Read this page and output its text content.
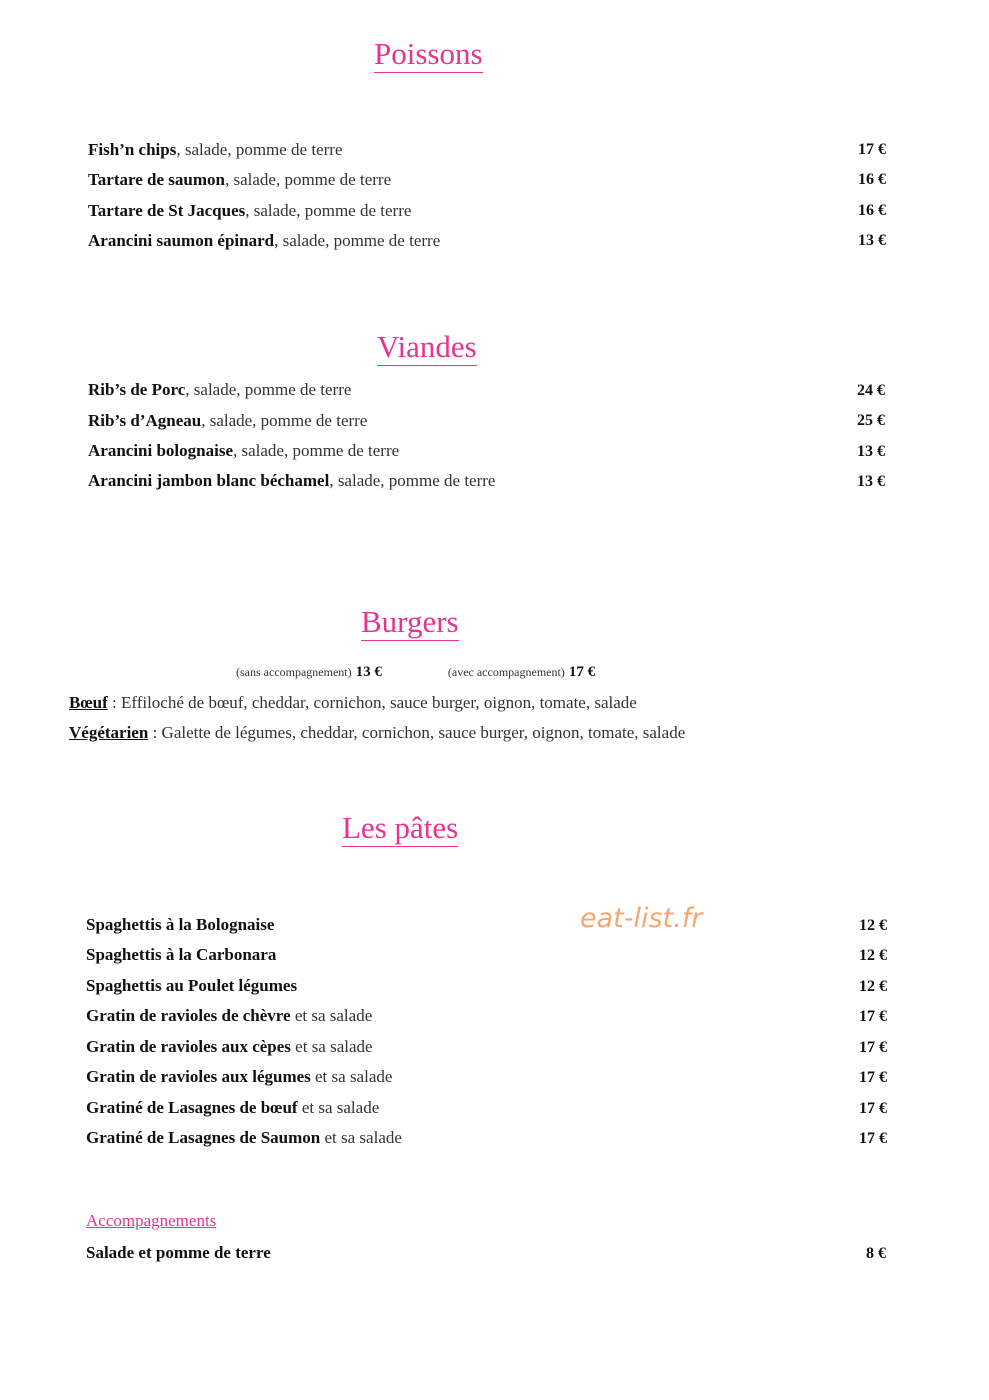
Poissons
Fish’n chips, salade, pomme de terre	17 €
Tartare de saumon, salade, pomme de terre	16 €
Tartare de St Jacques, salade, pomme de terre	16 €
Arancini saumon épinard, salade, pomme de terre	13 €
Viandes
Rib’s de Porc, salade, pomme de terre	24 €
Rib’s d’Agneau, salade, pomme de terre	25 €
Arancini bolognaise, salade, pomme de terre	13 €
Arancini jambon blanc béchamel, salade, pomme de terre	13 €
Burgers
(sans accompagnement) 13 €	(avec accompagnement) 17 €
Bœuf : Effiloché de bœuf, cheddar, cornichon, sauce burger, oignon, tomate, salade
Végétarien : Galette de légumes, cheddar, cornichon, sauce burger, oignon, tomate, salade
Les pâtes
eat-list.fr
Spaghettis à la Bolognaise	12 €
Spaghettis à la Carbonara	12 €
Spaghettis au Poulet légumes	12 €
Gratin de ravioles de chèvre et sa salade	17 €
Gratin de ravioles aux cèpes et sa salade	17 €
Gratin de ravioles aux légumes et sa salade	17 €
Gratiné de Lasagnes de bœuf et sa salade	17 €
Gratiné de Lasagnes de Saumon et sa salade	17 €
Accompagnements
Salade et pomme de terre	8 €
